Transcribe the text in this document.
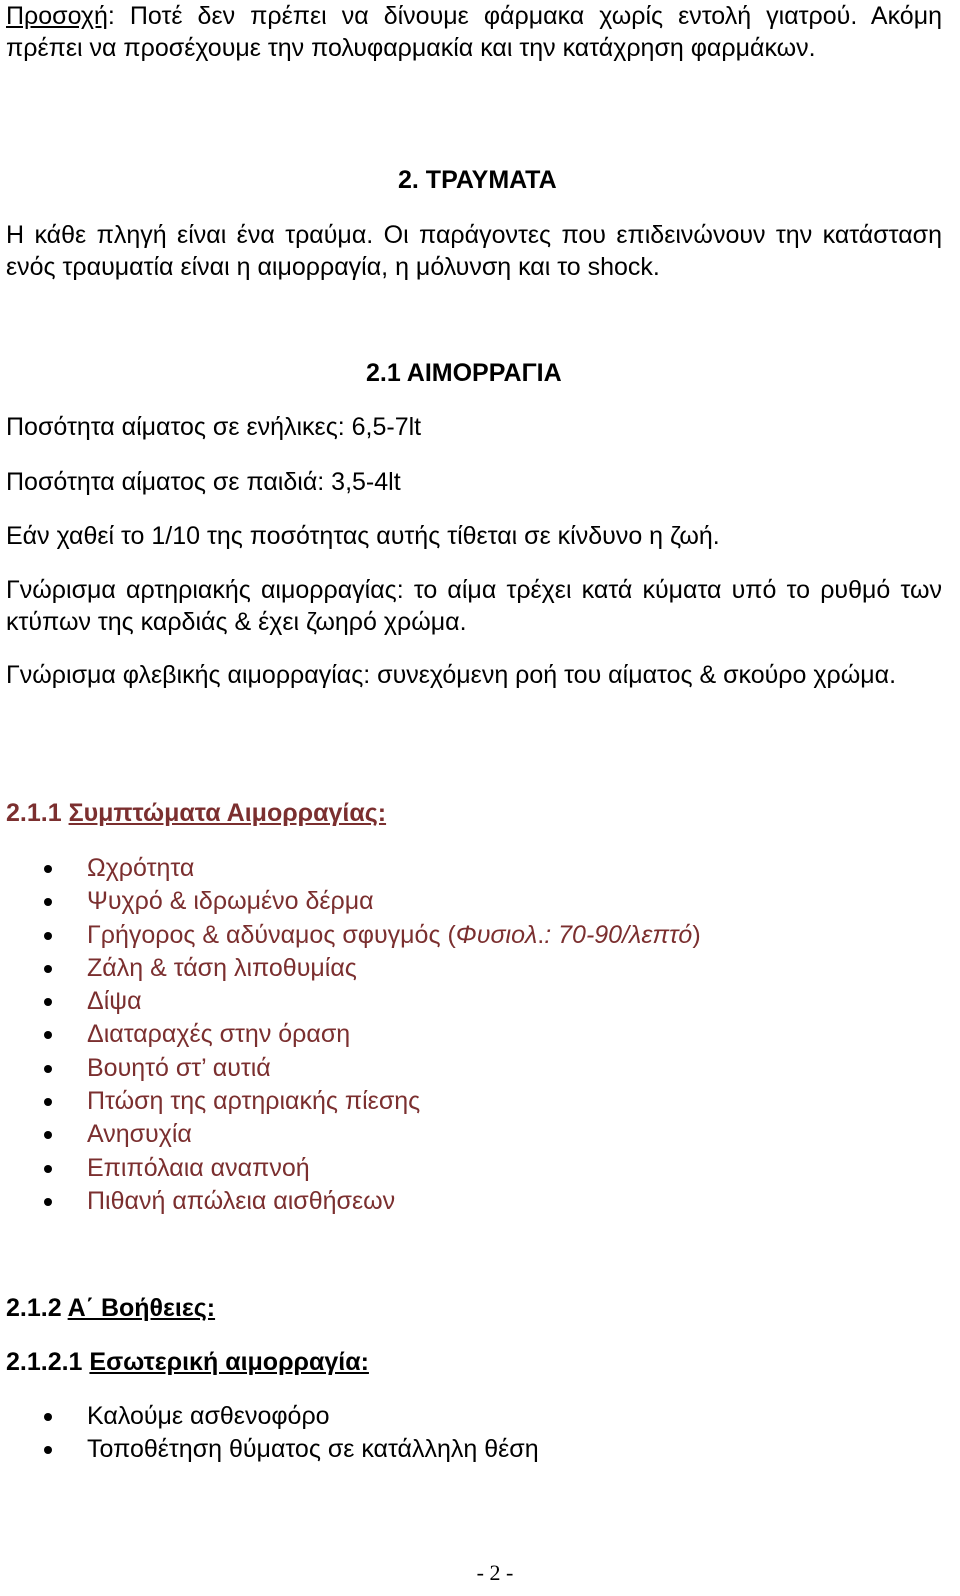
Προσοχή: Ποτέ δεν πρέπει να δίνουμε φάρμακα χωρίς εντολή γιατρού. Ακόμη πρέπει να προσέχουμε την πολυφαρμακία και την κατάχρηση φαρμάκων.

2. ΤΡΑΥΜΑΤΑ

Η κάθε πληγή είναι ένα τραύμα. Οι παράγοντες που επιδεινώνουν την κατάσταση ενός τραυματία είναι η αιμορραγία, η μόλυνση και το shock.

2.1 ΑΙΜΟΡΡΑΓΙΑ

Ποσότητα αίματος σε ενήλικες: 6,5-7lt

Ποσότητα αίματος σε παιδιά: 3,5-4lt

Εάν χαθεί το 1/10 της ποσότητας αυτής τίθεται σε κίνδυνο η ζωή.

Γνώρισμα αρτηριακής αιμορραγίας: το αίμα τρέχει κατά κύματα υπό το ρυθμό των κτύπων της καρδιάς & έχει ζωηρό χρώμα.

Γνώρισμα φλεβικής αιμορραγίας: συνεχόμενη ροή του αίματος & σκούρο χρώμα.

2.1.1 Συμπτώματα Αιμορραγίας:
Ωχρότητα
Ψυχρό & ιδρωμένο δέρμα
Γρήγορος & αδύναμος σφυγμός (Φυσιολ.: 70-90/λεπτό)
Ζάλη & τάση λιποθυμίας
Δίψα
Διαταραχές στην όραση
Βουητό στ’ αυτιά
Πτώση της αρτηριακής πίεσης
Ανησυχία
Επιπόλαια αναπνοή
Πιθανή απώλεια αισθήσεων
2.1.2 Α΄ Βοήθειες:
2.1.2.1 Εσωτερική αιμορραγία:
Καλούμε ασθενοφόρο
Τοποθέτηση θύματος σε κατάλληλη θέση
- 2 -
